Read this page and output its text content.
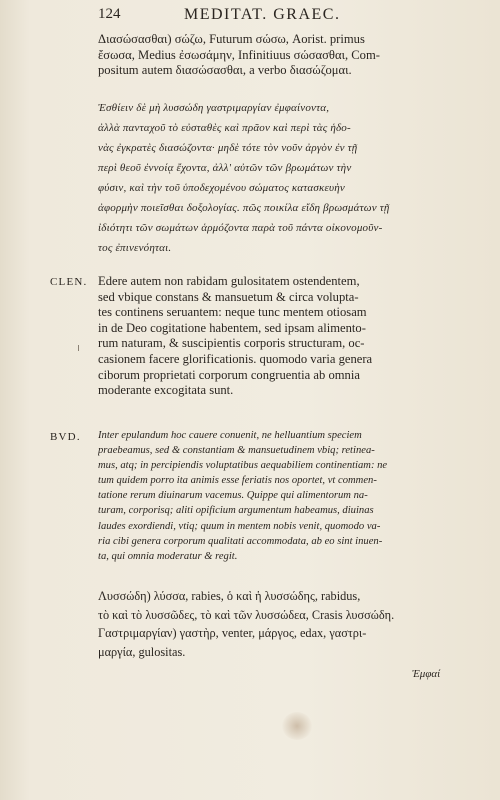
124	MEDITAT. GRAEC.
Διασώσασθαι) σώζω, Futurum σώσω, Aorist. primus
ἔσωσα, Medius ἐσωσάμην, Infinitiuus σώσασθαι, Com-
positum autem διασώσασθαι, a verbo διασώζομαι.
Ἐσθίειν δὲ μὴ λυσσώδη γαστριμαργίαν ἐμφαίνοντα,
ἀλλὰ πανταχοῦ τὸ εὐσταθὲς καὶ πρᾶον καὶ περὶ τὰς ἡδο-
νὰς ἐγκρατὲς διασώζοντα· μηδὲ τότε τὸν νοῦν ἀργὸν ἐν τῇ
περὶ θεοῦ ἐννοίᾳ ἔχοντα, ἀλλ' αὐτῶν τῶν βρωμάτων τὴν
φύσιν, καὶ τὴν τοῦ ὑποδεχομένου σώματος κατασκευὴν
ἀφορμὴν ποιεῖσθαι δοξολογίας. πῶς ποικίλα εἴδη βρωσμάτων τῇ
ἰδιότητι τῶν σωμάτων ἁρμόζοντα παρὰ τοῦ πάντα οἰκονομοῦν-
τος ἐπινενόηται.
CLEN. Edere autem non rabidam gulositatem ostendentem,
sed vbique constans & mansuetum & circa volupta-
tes continens seruantem: neque tunc mentem otiosam
in de Deo cogitatione habentem, sed ipsam alimento-
rum naturam, & suscipientis corporis structuram, oc-
casionem facere glorificationis. quomodo varia genera
ciborum proprietati corporum congruentia ab omnia
moderante excogitata sunt.
BVD. Inter epulandum hoc cauere conuenit, ne helluantium speciem
praebeamus, sed & constantiam & mansuetudinem vbiq; retinea-
mus, atq; in percipiendis voluptatibus aequabiliem continentiam: ne
tum quidem porro ita animis esse feriatis nos oportet, vt commen-
tatione rerum diuinarum vacemus. Quippe qui alimentorum na-
turam, corporisq; aliti opificium argumentum habeamus, diuinas
laudes exordiendi, vtiq; quum in mentem nobis venit, quomodo va-
ria cibi genera corporum qualitati accommodata, ab eo sint inuen-
ta, qui omnia moderatur & regit.
Λυσσώδη) λύσσα, rabies, ὁ καὶ ἡ λυσσώδης, rabidus,
τὸ καὶ τὸ λυσσῶδες, τὸ καὶ τῶν λυσσώδεα, Crasis λυσσώδη.
Γαστριμαργίαν) γαστὴρ, venter, μάργος, edax, γαστρι-
μαργία, gulositas.
Ἐμφαί
